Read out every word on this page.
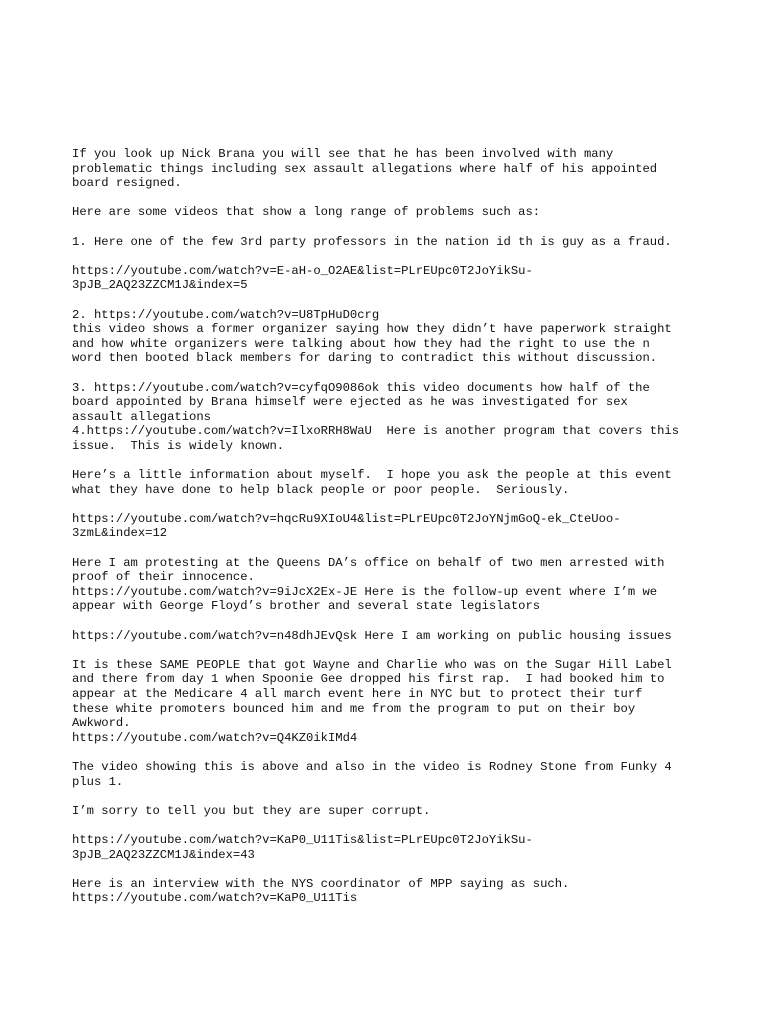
If you look up Nick Brana you will see that he has been involved with many
problematic things including sex assault allegations where half of his appointed
board resigned.
Here are some videos that show a long range of problems such as:
1. Here one of the few 3rd party professors in the nation id th is guy as a fraud.
https://youtube.com/watch?v=E-aH-o_O2AE&list=PLrEUpc0T2JoYikSu-
3pJB_2AQ23ZZCM1J&index=5
2. https://youtube.com/watch?v=U8TpHuD0crg
this video shows a former organizer saying how they didn’t have paperwork straight
and how white organizers were talking about how they had the right to use the n
word then booted black members for daring to contradict this without discussion.
3. https://youtube.com/watch?v=cyfqO9086ok this video documents how half of the
board appointed by Brana himself were ejected as he was investigated for sex
assault allegations
4.https://youtube.com/watch?v=IlxoRRH8WaU  Here is another program that covers this
issue.  This is widely known.
Here’s a little information about myself.  I hope you ask the people at this event
what they have done to help black people or poor people.  Seriously.
https://youtube.com/watch?v=hqcRu9XIoU4&list=PLrEUpc0T2JoYNjmGoQ-ek_CteUoo-
3zmL&index=12
Here I am protesting at the Queens DA’s office on behalf of two men arrested with
proof of their innocence.
https://youtube.com/watch?v=9iJcX2Ex-JE Here is the follow-up event where I’m we
appear with George Floyd’s brother and several state legislators
https://youtube.com/watch?v=n48dhJEvQsk Here I am working on public housing issues
It is these SAME PEOPLE that got Wayne and Charlie who was on the Sugar Hill Label
and there from day 1 when Spoonie Gee dropped his first rap.  I had booked him to
appear at the Medicare 4 all march event here in NYC but to protect their turf
these white promoters bounced him and me from the program to put on their boy
Awkword.
https://youtube.com/watch?v=Q4KZ0ikIMd4
The video showing this is above and also in the video is Rodney Stone from Funky 4
plus 1.
I’m sorry to tell you but they are super corrupt.
https://youtube.com/watch?v=KaP0_U11Tis&list=PLrEUpc0T2JoYikSu-
3pJB_2AQ23ZZCM1J&index=43
Here is an interview with the NYS coordinator of MPP saying as such.
https://youtube.com/watch?v=KaP0_U11Tis
